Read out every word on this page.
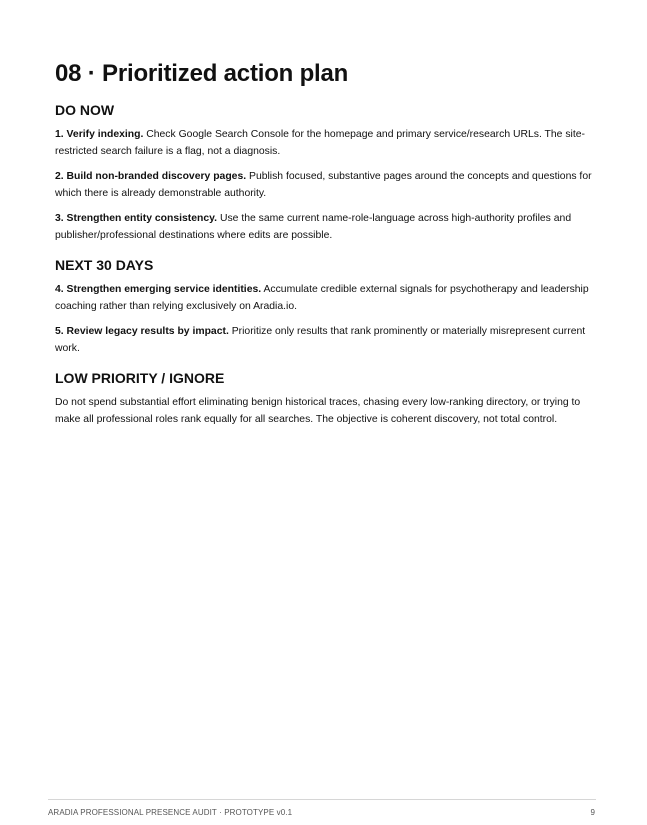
08 · Prioritized action plan
DO NOW

1. Verify indexing. Check Google Search Console for the homepage and primary service/research URLs. The site-restricted search failure is a flag, not a diagnosis.

2. Build non-branded discovery pages. Publish focused, substantive pages around the concepts and questions for which there is already demonstrable authority.

3. Strengthen entity consistency. Use the same current name-role-language across high-authority profiles and publisher/professional destinations where edits are possible.

NEXT 30 DAYS

4. Strengthen emerging service identities. Accumulate credible external signals for psychotherapy and leadership coaching rather than relying exclusively on Aradia.io.

5. Review legacy results by impact. Prioritize only results that rank prominently or materially misrepresent current work.

LOW PRIORITY / IGNORE

Do not spend substantial effort eliminating benign historical traces, chasing every low-ranking directory, or trying to make all professional roles rank equally for all searches. The objective is coherent discovery, not total control.

ARADIA PROFESSIONAL PRESENCE AUDIT · PROTOTYPE v0.1	9
